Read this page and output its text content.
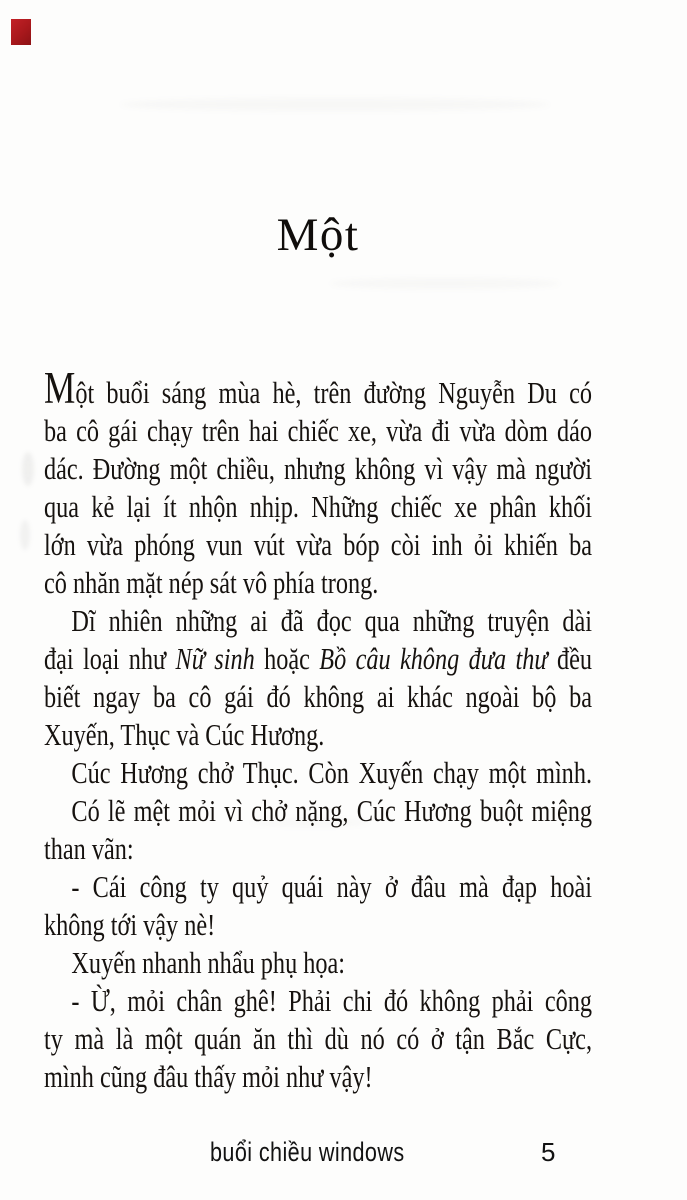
Một
Một buổi sáng mùa hè, trên đường Nguyễn Du có
ba cô gái chạy trên hai chiếc xe, vừa đi vừa dòm dáo
dác. Đường một chiều, nhưng không vì vậy mà người
qua kẻ lại ít nhộn nhịp. Những chiếc xe phân khối
lớn vừa phóng vun vút vừa bóp còi inh ỏi khiến ba
cô nhăn mặt nép sát vô phía trong.
Dĩ nhiên những ai đã đọc qua những truyện dài
đại loại như Nữ sinh hoặc Bồ câu không đưa thư đều
biết ngay ba cô gái đó không ai khác ngoài bộ ba
Xuyến, Thục và Cúc Hương.
Cúc Hương chở Thục. Còn Xuyến chạy một mình.
Có lẽ mệt mỏi vì chở nặng, Cúc Hương buột miệng
than vãn:
- Cái công ty quỷ quái này ở đâu mà đạp hoài
không tới vậy nè!
Xuyến nhanh nhẩu phụ họa:
- Ừ, mỏi chân ghê! Phải chi đó không phải công
ty mà là một quán ăn thì dù nó có ở tận Bắc Cực,
mình cũng đâu thấy mỏi như vậy!
buổi chiều windows	5
